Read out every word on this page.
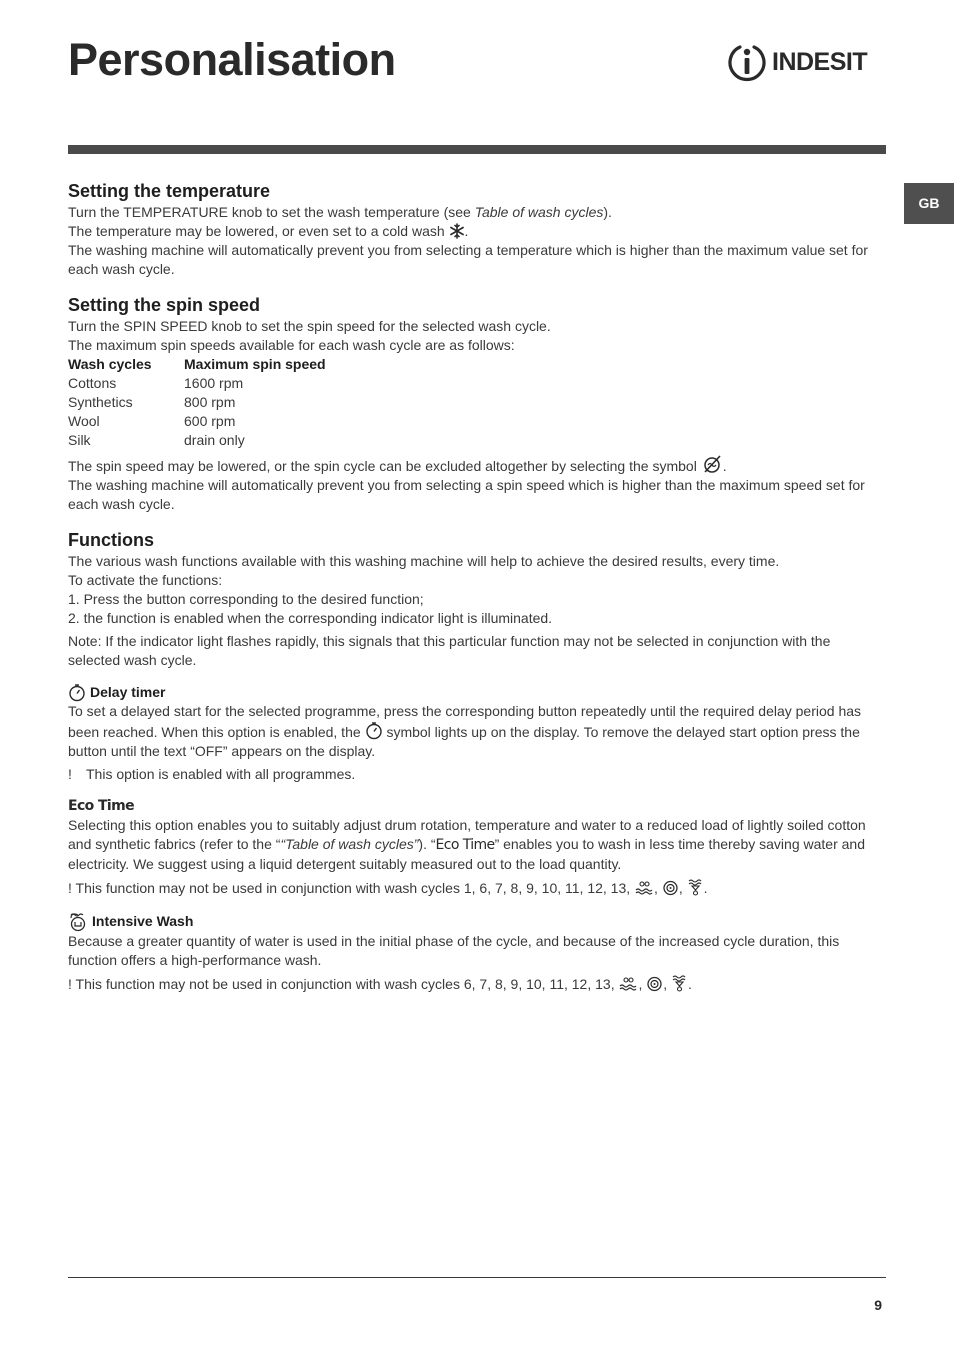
Personalisation	INDESIT
GB
Setting the temperature

Turn the TEMPERATURE knob to set the wash temperature (see Table of wash cycles).

The temperature may be lowered, or even set to a cold wash .

The washing machine will automatically prevent you from selecting a temperature which is higher than the maximum value set for each wash cycle.

Setting the spin speed

Turn the SPIN SPEED knob to set the spin speed for the selected wash cycle.

The maximum spin speeds available for each wash cycle are as follows:

Wash cycles	Maximum spin speed
Cottons	1600 rpm
Synthetics	800 rpm
Wool	600 rpm
Silk	drain only

The spin speed may be lowered, or the spin cycle can be excluded altogether by selecting the symbol .

The washing machine will automatically prevent you from selecting a spin speed which is higher than the maximum speed set for each wash cycle.

Functions

The various wash functions available with this washing machine will help to achieve the desired results, every time.

To activate the functions:

1. Press the button corresponding to the desired function;

2. the function is enabled when the corresponding indicator light is illuminated.

Note: If the indicator light flashes rapidly, this signals that this particular function may not be selected in conjunction with the selected wash cycle.

Delay timer

To set a delayed start for the selected programme, press the corresponding button repeatedly until the required delay period has been reached. When this option is enabled, the symbol lights up on the display. To remove the delayed start option press the button until the text “OFF” appears on the display.

! This option is enabled with all programmes.

Eco Time

Selecting this option enables you to suitably adjust drum rotation, temperature and water to a reduced load of lightly soiled cotton and synthetic fabrics (refer to the ““Table of wash cycles”). “Eco Time” enables you to wash in less time thereby saving water and electricity. We suggest using a liquid detergent suitably measured out to the load quantity.

! This function may not be used in conjunction with wash cycles 1, 6, 7, 8, 9, 10, 11, 12, 13, , , .

Intensive Wash

Because a greater quantity of water is used in the initial phase of the cycle, and because of the increased cycle duration, this function offers a high-performance wash.

! This function may not be used in conjunction with wash cycles 6, 7, 8, 9, 10, 11, 12, 13, , , .

9
